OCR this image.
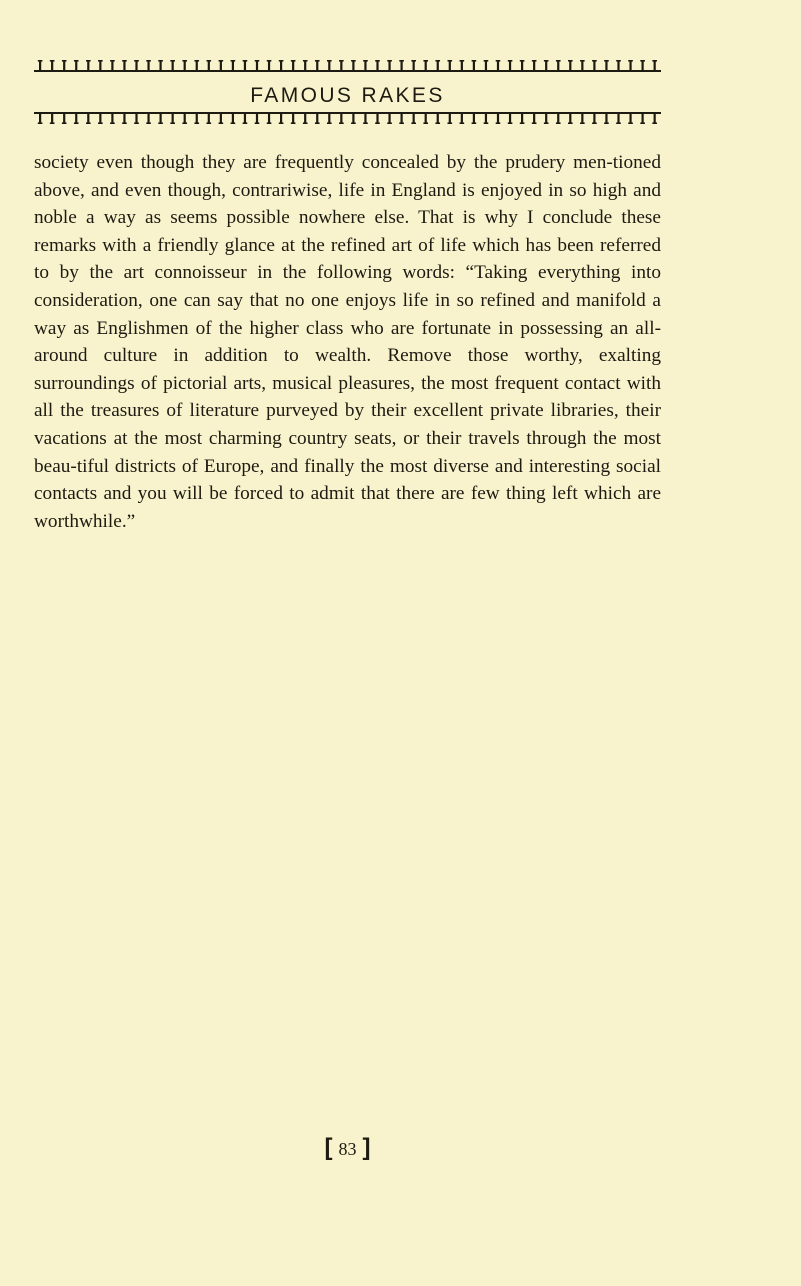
FAMOUS RAKES

society even though they are frequently concealed by the prudery men-tioned above, and even though, contrariwise, life in England is enjoyed in so high and noble a way as seems possible nowhere else. That is why I conclude these remarks with a friendly glance at the refined art of life which has been referred to by the art connoisseur in the following words: “Taking everything into consideration, one can say that no one enjoys life in so refined and manifold a way as Englishmen of the higher class who are fortunate in possessing an all-around culture in addition to wealth. Remove those worthy, exalting surroundings of pictorial arts, musical pleasures, the most frequent contact with all the treasures of literature purveyed by their excellent private libraries, their vacations at the most charming country seats, or their travels through the most beau-tiful districts of Europe, and finally the most diverse and interesting social contacts and you will be forced to admit that there are few thing left which are worthwhile.”

[ 83 ]
